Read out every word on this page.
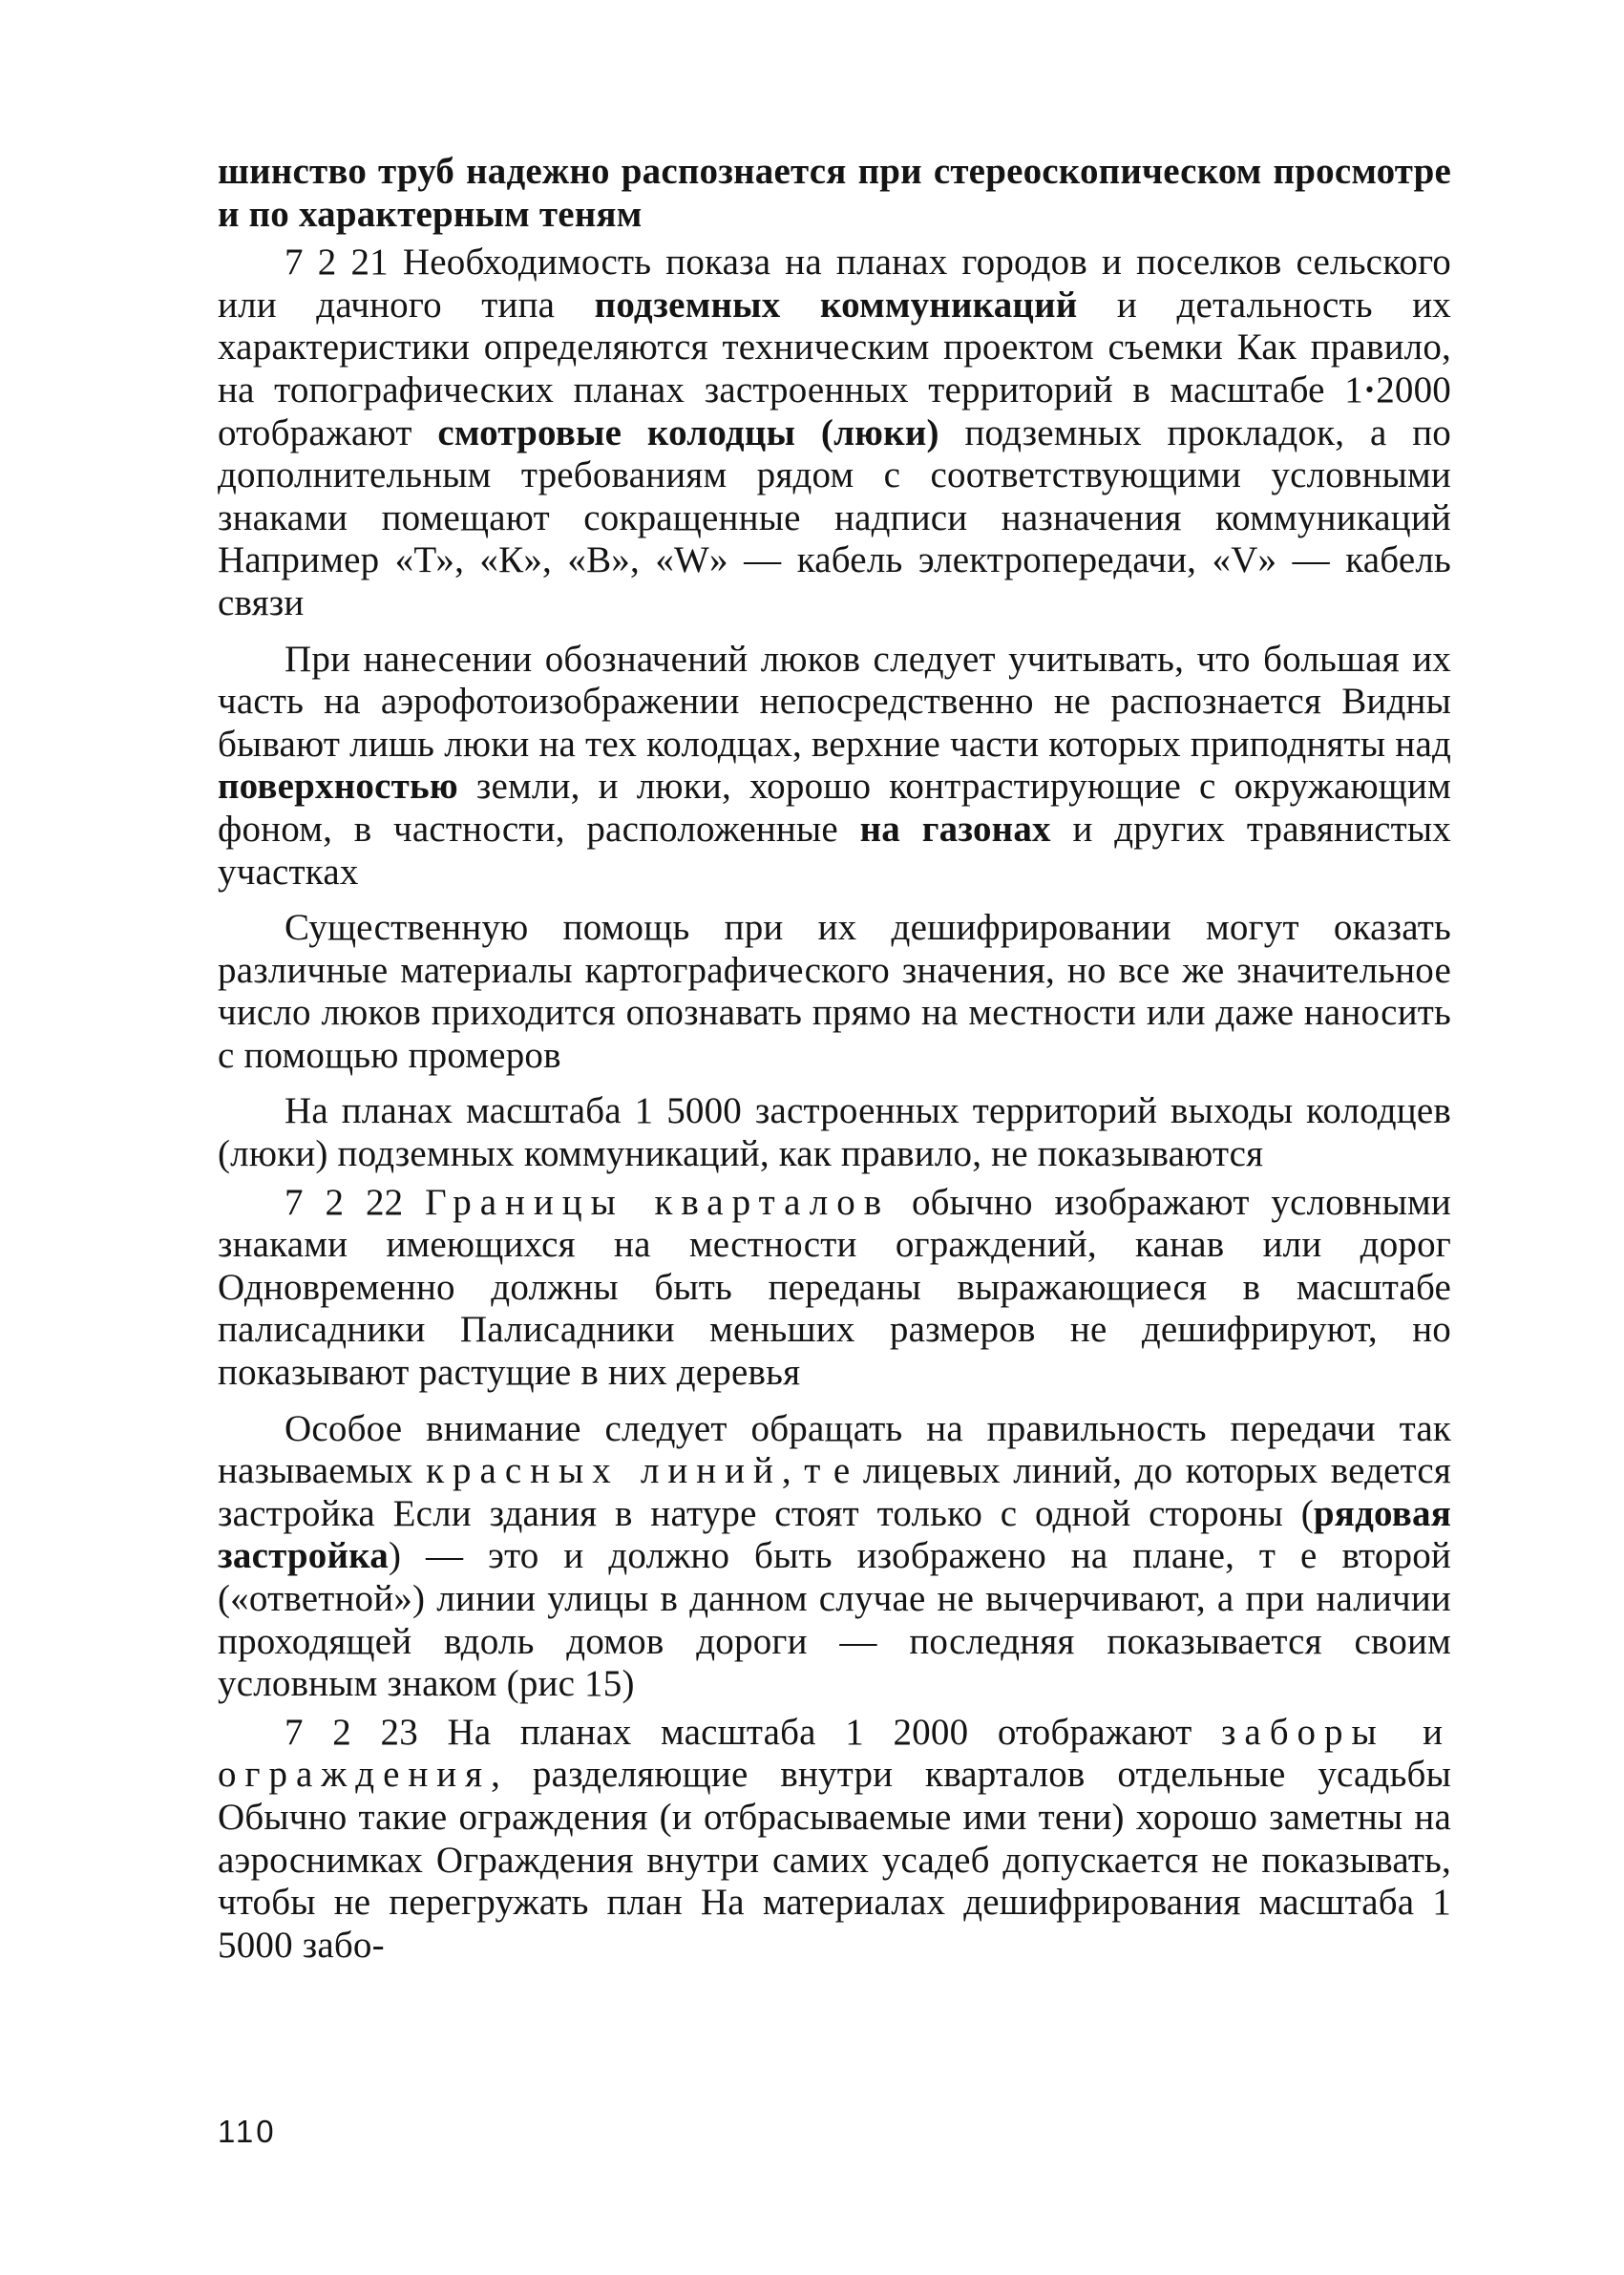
шинство труб надежно распознается при стереоскопическом просмотре и по характерным теням

7 2 21 Необходимость показа на планах городов и поселков сельского или дачного типа подземных коммуникаций и детальность их характеристики определяются техническим проектом съемки Как правило, на топографических планах застроенных территорий в масштабе 1·2000 отображают смотровые колодцы (люки) подземных прокладок, а по дополнительным требованиям рядом с соответствующими условными знаками помещают сокращенные надписи назначения коммуникаций Например «Т», «К», «В», «W» — кабель электропередачи, «V» — кабель связи

При нанесении обозначений люков следует учитывать, что большая их часть на аэрофотоизображении непосредственно не распознается Видны бывают лишь люки на тех колодцах, верхние части которых приподняты над поверхностью земли, и люки, хорошо контрастирующие с окружающим фоном, в частности, расположенные на газонах и других травянистых участках

Существенную помощь при их дешифрировании могут оказать различные материалы картографического значения, но все же значительное число люков приходится опознавать прямо на местности или даже наносить с помощью промеров

На планах масштаба 1 5000 застроенных территорий выходы колодцев (люки) подземных коммуникаций, как правило, не показываются

7 2 22 Границы кварталов обычно изображают условными знаками имеющихся на местности ограждений, канав или дорог Одновременно должны быть переданы выражающиеся в масштабе палисадники Палисадники меньших размеров не дешифрируют, но показывают растущие в них деревья

Особое внимание следует обращать на правильность передачи так называемых красных линий, т е лицевых линий, до которых ведется застройка Если здания в натуре стоят только с одной стороны (рядовая застройка) — это и должно быть изображено на плане, т е второй («ответной») линии улицы в данном случае не вычерчивают, а при наличии проходящей вдоль домов дороги — последняя показывается своим условным знаком (рис 15)

7 2 23 На планах масштаба 1 2000 отображают заборы и ограждения, разделяющие внутри кварталов отдельные усадьбы Обычно такие ограждения (и отбрасываемые ими тени) хорошо заметны на аэроснимках Ограждения внутри самих усадеб допускается не показывать, чтобы не перегружать план На материалах дешифрирования масштаба 1 5000 забо-

110
